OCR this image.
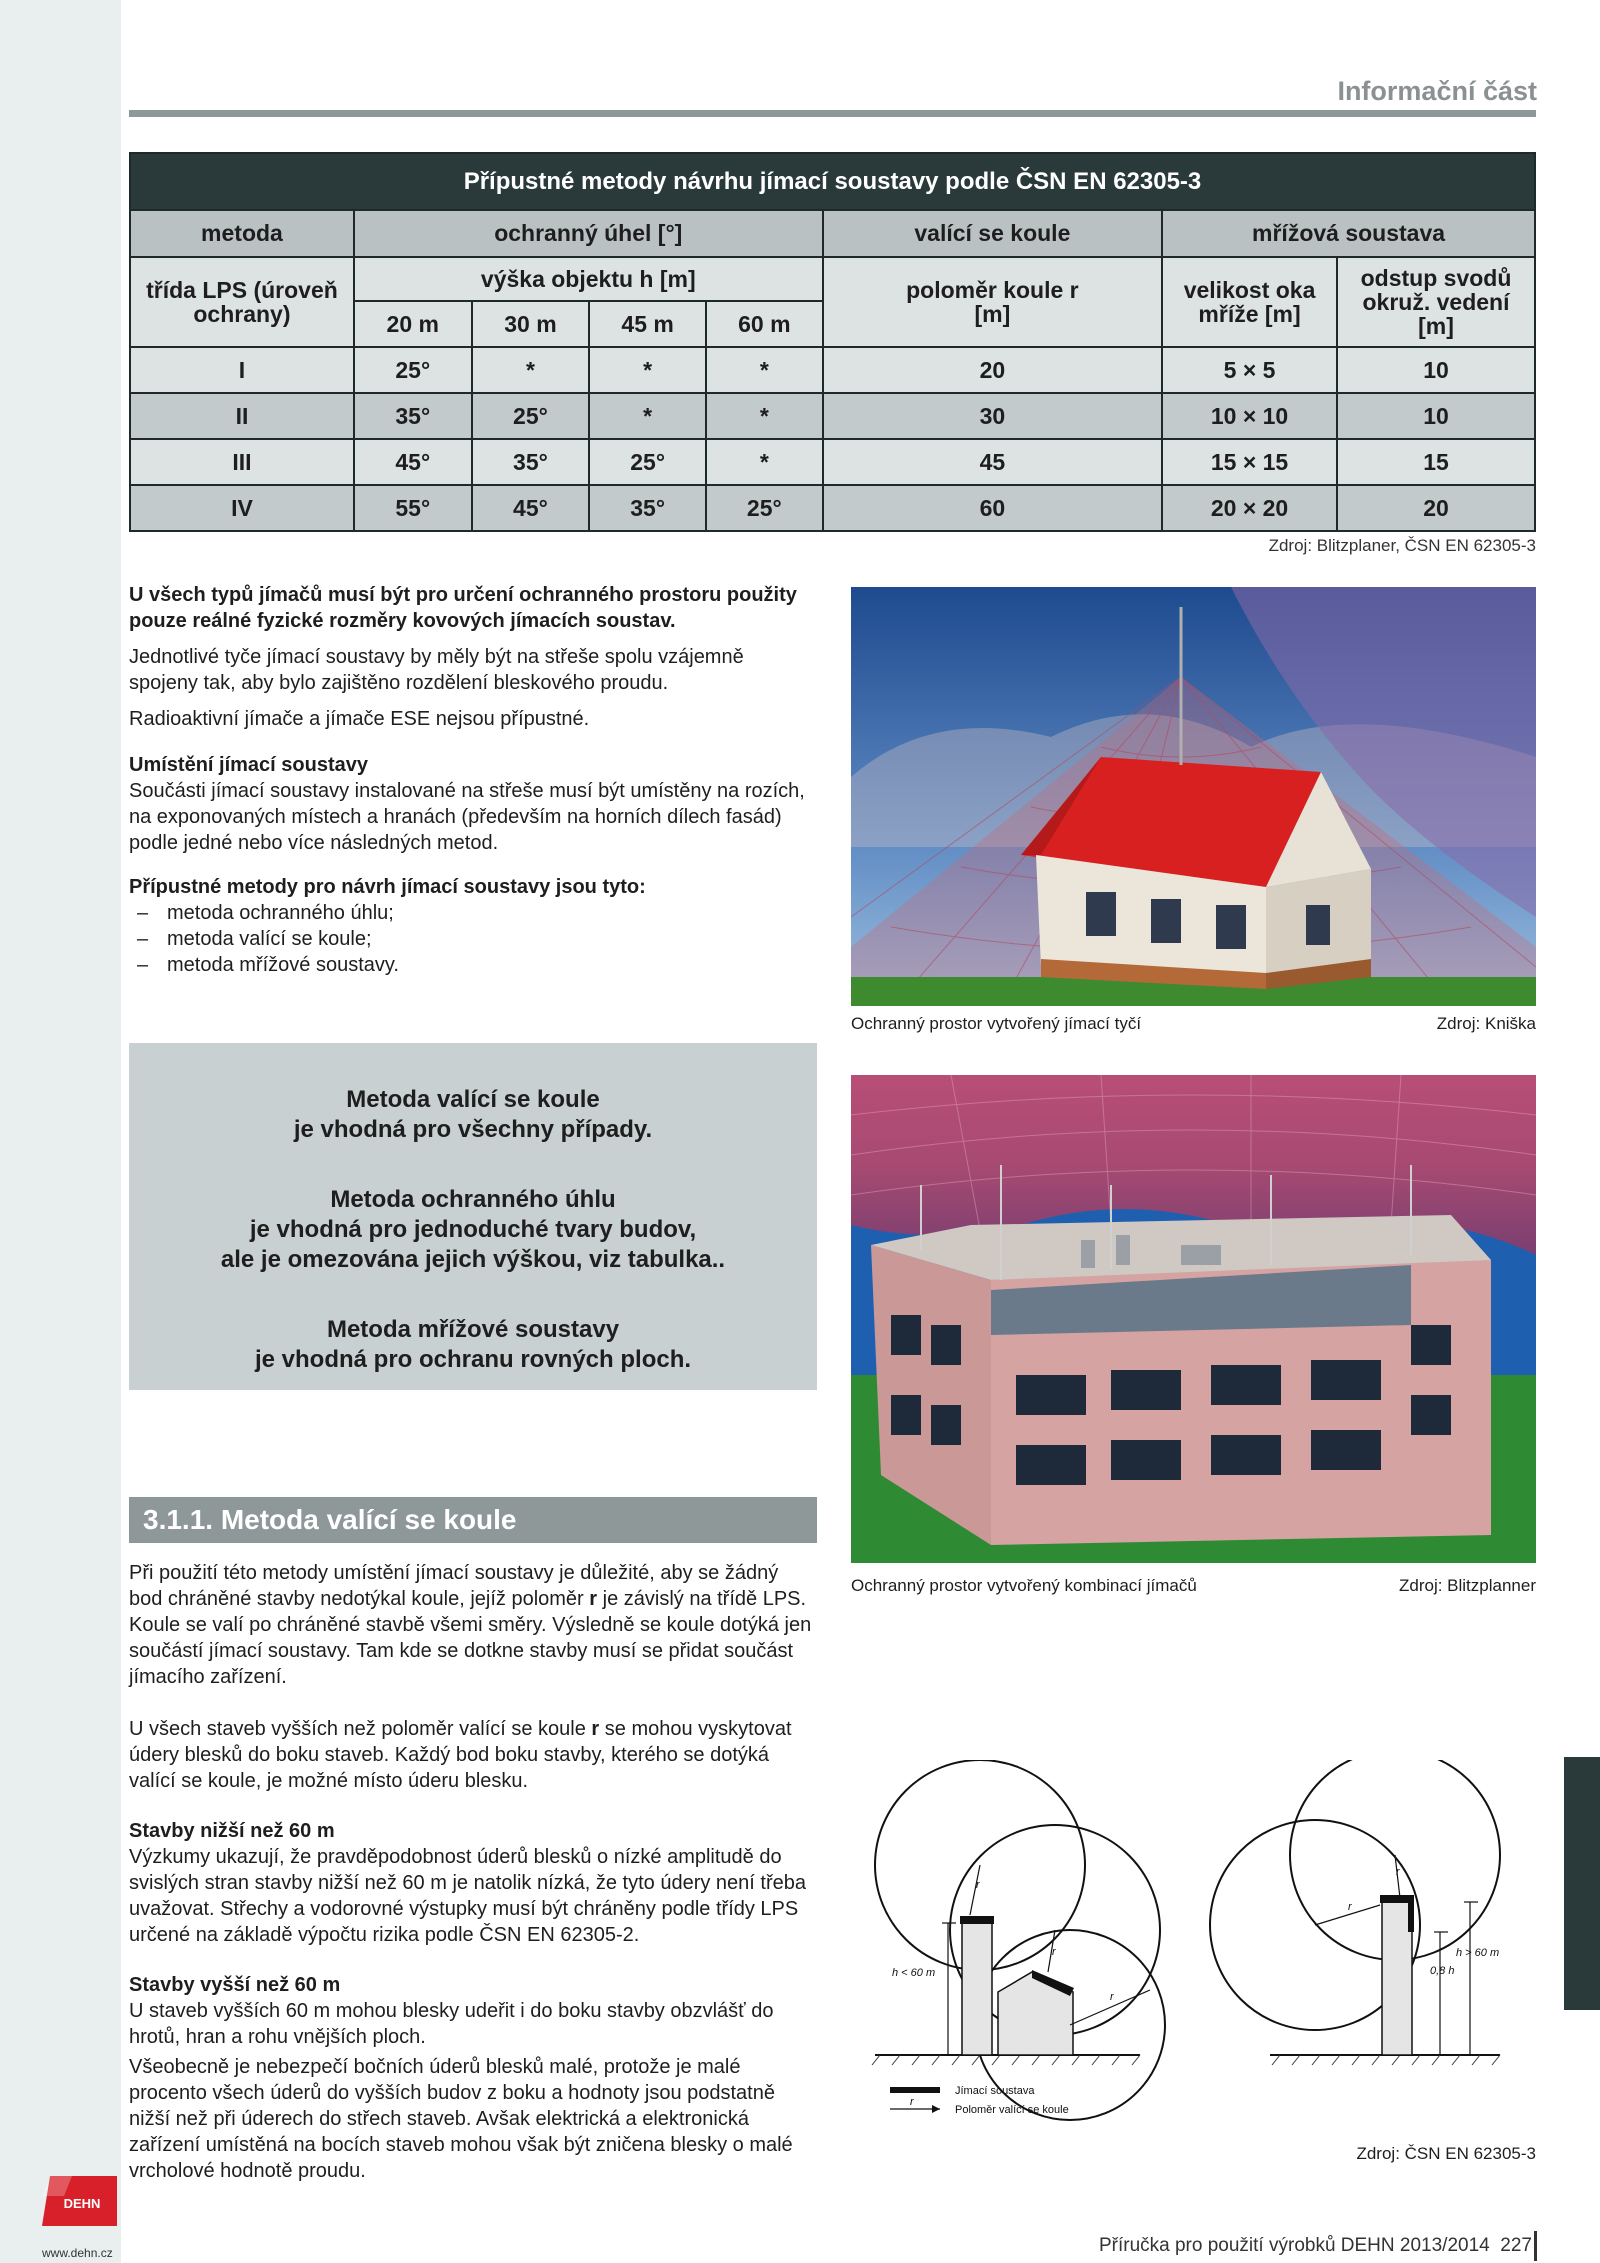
Informační část
Přípustné metody návrhu jímací soustavy podle ČSN EN 62305-3							
metoda	ochranný úhel [°]				valící se koule	mřížová soustava	
třída LPS (úroveň ochrany)	výška objektu h [m]				poloměr koule r [m]	velikost oka mříže [m]	odstup svodů okruž. vedení [m]
	20 m	30 m	45 m	60 m			
I	25°	*	*	*	20	5 × 5	10
II	35°	25°	*	*	30	10 × 10	10
III	45°	35°	25°	*	45	15 × 15	15
IV	55°	45°	35°	25°	60	20 × 20	20
Zdroj: Blitzplaner, ČSN EN 62305-3

U všech typů jímačů musí být pro určení ochranného prostoru použity pouze reálné fyzické rozměry kovových jímacích soustav.

Jednotlivé tyče jímací soustavy by měly být na střeše spolu vzájemně spojeny tak, aby bylo zajištěno rozdělení bleskového proudu.

Radioaktivní jímače a jímače ESE nejsou přípustné.

Umístění jímací soustavy

Součásti jímací soustavy instalované na střeše musí být umístěny na rozích, na exponovaných místech a hranách (především na horních dílech fasád) podle jedné nebo více následných metod.

Přípustné metody pro návrh jímací soustavy jsou tyto:

– metoda ochranného úhlu;
– metoda valící se koule;
– metoda mřížové soustavy.
Metoda valící se koule
je vhodná pro všechny případy.
Metoda ochranného úhlu
je vhodná pro jednoduché tvary budov,
ale je omezována jejich výškou, viz tabulka..
Metoda mřížové soustavy
je vhodná pro ochranu rovných ploch.
3.1.1. Metoda valící se koule

Při použití této metody umístění jímací soustavy je důležité, aby se žádný bod chráněné stavby nedotýkal koule, jejíž poloměr r je závislý na třídě LPS. Koule se valí po chráněné stavbě všemi směry. Výsledně se koule dotýká jen součástí jímací soustavy. Tam kde se dotkne stavby musí se přidat součást jímacího zařízení.

U všech staveb vyšších než poloměr valící se koule r se mohou vyskytovat údery blesků do boku staveb. Každý bod boku stavby, kterého se dotýká valící se koule, je možné místo úderu blesku.

Stavby nižší než 60 m

Výzkumy ukazují, že pravděpodobnost úderů blesků o nízké amplitudě do svislých stran stavby nižší než 60 m je natolik nízká, že tyto údery není třeba uvažovat. Střechy a vodorovné výstupky musí být chráněny podle třídy LPS určené na základě výpočtu rizika podle ČSN EN 62305-2.

Stavby vyšší než 60 m

U staveb vyšších 60 m mohou blesky udeřit i do boku stavby obzvlášť do hrotů, hran a rohu vnějších ploch.

Všeobecně je nebezpečí bočních úderů blesků malé, protože je malé procento všech úderů do vyšších budov z boku a hodnoty jsou podstatně nižší než při úderech do střech staveb. Avšak elektrická a elektronická zařízení umístěná na bocích staveb mohou však být zničena blesky o malé vrcholové hodnotě proudu.

Ochranný prostor vytvořený jímací tyčí	Zdroj: Kniška
Ochranný prostor vytvořený kombinací jímačů	Zdroj: Blitzplanner
r
r
r
r
r
h < 60 m
h > 60 m
0,8 h
Jímací soustava
Poloměr valící se koule
r
Zdroj: ČSN EN 62305-3
DEHN
www.dehn.cz	Příručka pro použití výrobků DEHN 2013/2014 227
